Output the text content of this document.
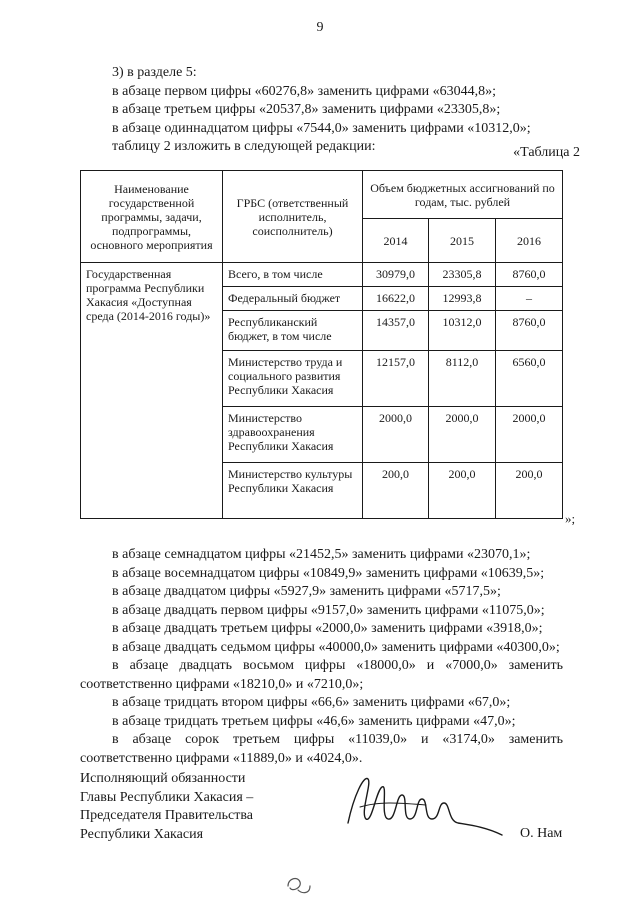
9
3) в разделе 5:
в абзаце первом цифры «60276,8» заменить цифрами «63044,8»;
в абзаце третьем цифры «20537,8» заменить цифрами «23305,8»;
в абзаце одиннадцатом цифры «7544,0» заменить цифрами «10312,0»;
таблицу 2 изложить в следующей редакции:	«Таблица 2
Наименование государственной программы, задачи, подпрограммы, основного мероприятия	ГРБС (ответственный исполнитель, соисполнитель)	Объем бюджетных ассигнований по годам, тыс. рублей		
		2014	2015	2016
Государственная программа Республики Хакасия «Доступная среда (2014-2016 годы)»	Всего, в том числе	30979,0	23305,8	8760,0
	Федеральный бюджет	16622,0	12993,8	–
	Республиканский бюджет, в том числе	14357,0	10312,0	8760,0
	Министерство труда и социального развития Республики Хакасия	12157,0	8112,0	6560,0
	Министерство здравоохранения Республики Хакасия	2000,0	2000,0	2000,0
	Министерство культуры Республики Хакасия	200,0	200,0	200,0
»;
в абзаце семнадцатом цифры «21452,5» заменить цифрами «23070,1»;
в абзаце восемнадцатом цифры «10849,9» заменить цифрами «10639,5»;
в абзаце двадцатом цифры «5927,9» заменить цифрами «5717,5»;
в абзаце двадцать первом цифры «9157,0» заменить цифрами «11075,0»;
в абзаце двадцать третьем цифры «2000,0» заменить цифрами «3918,0»;
в абзаце двадцать седьмом цифры «40000,0» заменить цифрами «40300,0»;
в абзаце двадцать восьмом цифры «18000,0» и «7000,0» заменить соответственно цифрами «18210,0» и «7210,0»;
в абзаце тридцать втором цифры «66,6» заменить цифрами «67,0»;
в абзаце тридцать третьем цифры «46,6» заменить цифрами «47,0»;
в абзаце сорок третьем цифры «11039,0» и «3174,0» заменить соответственно цифрами «11889,0» и «4024,0».
Исполняющий обязанности
Главы Республики Хакасия –
Председателя Правительства
Республики Хакасия	О. Нам
